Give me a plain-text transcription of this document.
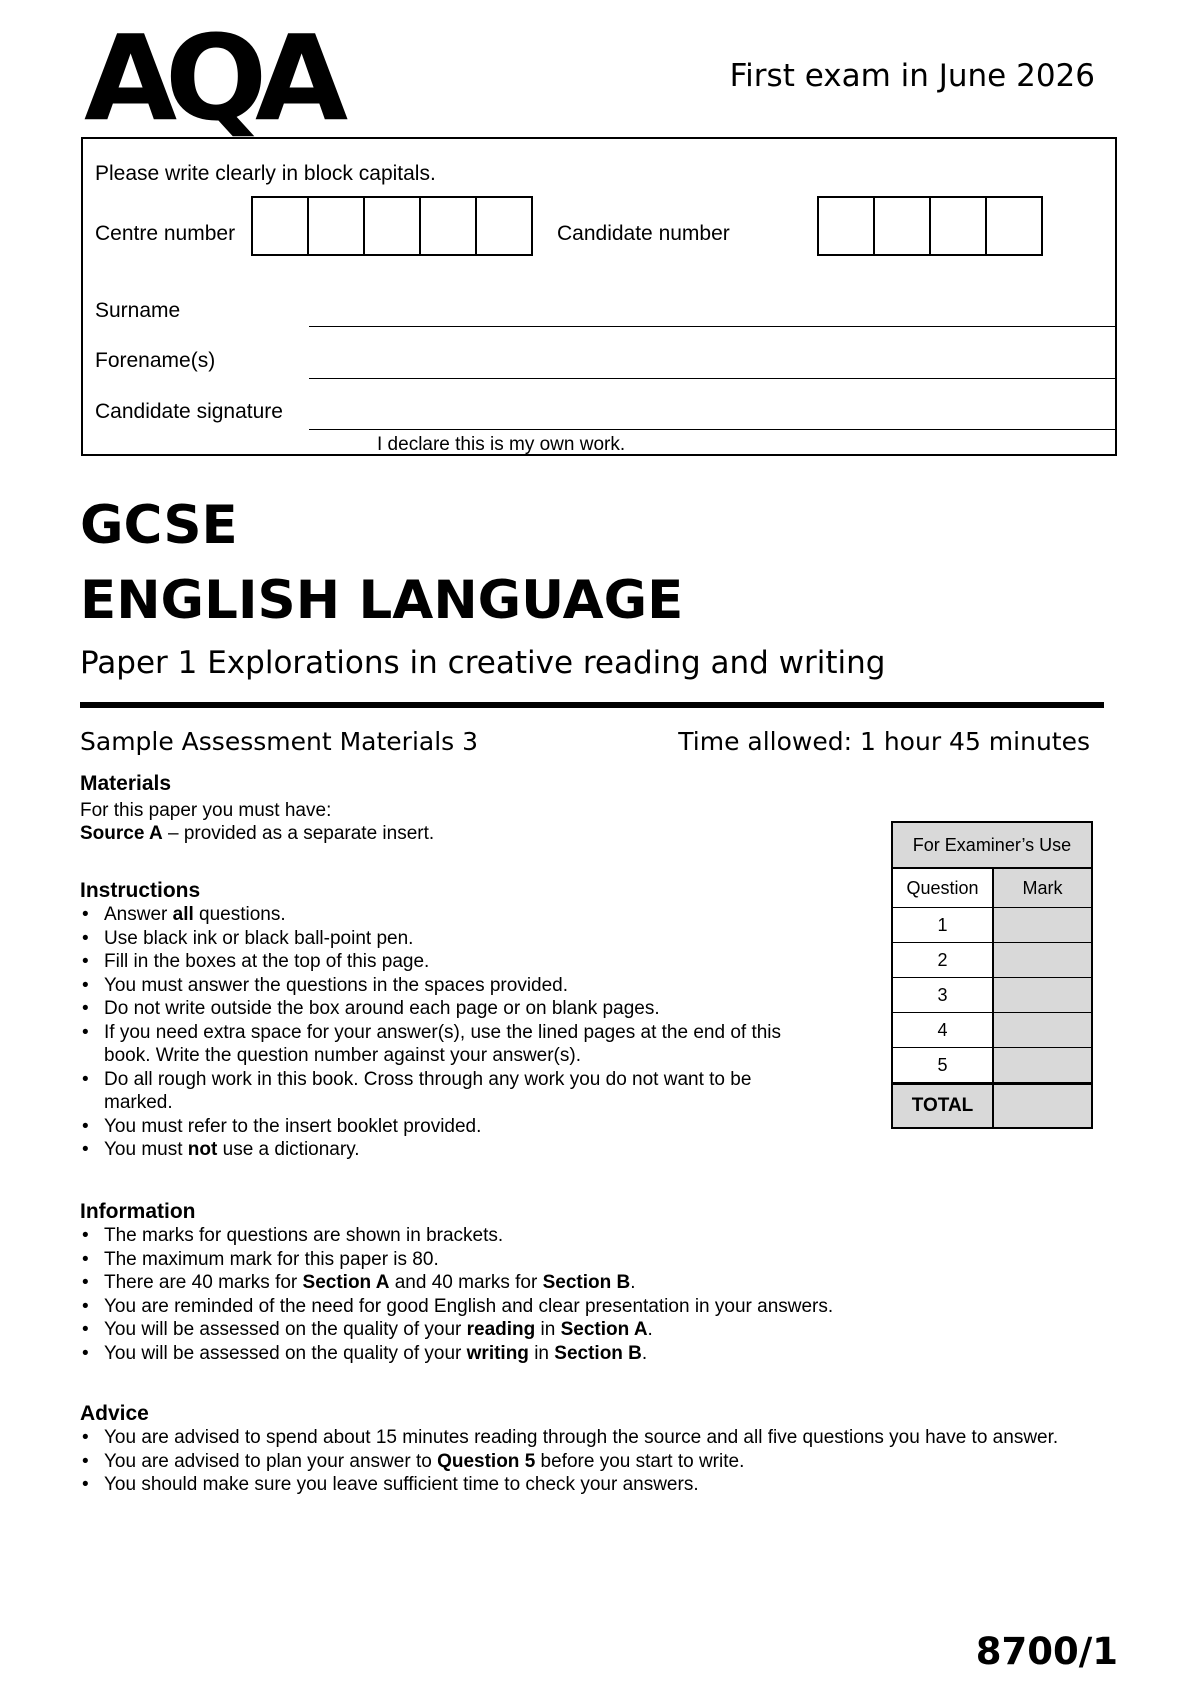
AQA	First exam in June 2026
Please write clearly in block capitals.
Centre number	Candidate number
Surname
Forename(s)
Candidate signature
I declare this is my own work.
GCSE
ENGLISH LANGUAGE
Paper 1 Explorations in creative reading and writing
Sample Assessment Materials 3	Time allowed: 1 hour 45 minutes
Materials
For this paper you must have:
Source A – provided as a separate insert.
Instructions
• Answer all questions.
• Use black ink or black ball-point pen.
• Fill in the boxes at the top of this page.
• You must answer the questions in the spaces provided.
• Do not write outside the box around each page or on blank pages.
• If you need extra space for your answer(s), use the lined pages at the end of this book. Write the question number against your answer(s).
• Do all rough work in this book. Cross through any work you do not want to be marked.
• You must refer to the insert booklet provided.
• You must not use a dictionary.
Information
• The marks for questions are shown in brackets.
• The maximum mark for this paper is 80.
• There are 40 marks for Section A and 40 marks for Section B.
• You are reminded of the need for good English and clear presentation in your answers.
• You will be assessed on the quality of your reading in Section A.
• You will be assessed on the quality of your writing in Section B.
Advice
• You are advised to spend about 15 minutes reading through the source and all five questions you have to answer.
• You are advised to plan your answer to Question 5 before you start to write.
• You should make sure you leave sufficient time to check your answers.
For Examiner’s Use
Question	Mark
1
2
3
4
5
TOTAL
8700/1
